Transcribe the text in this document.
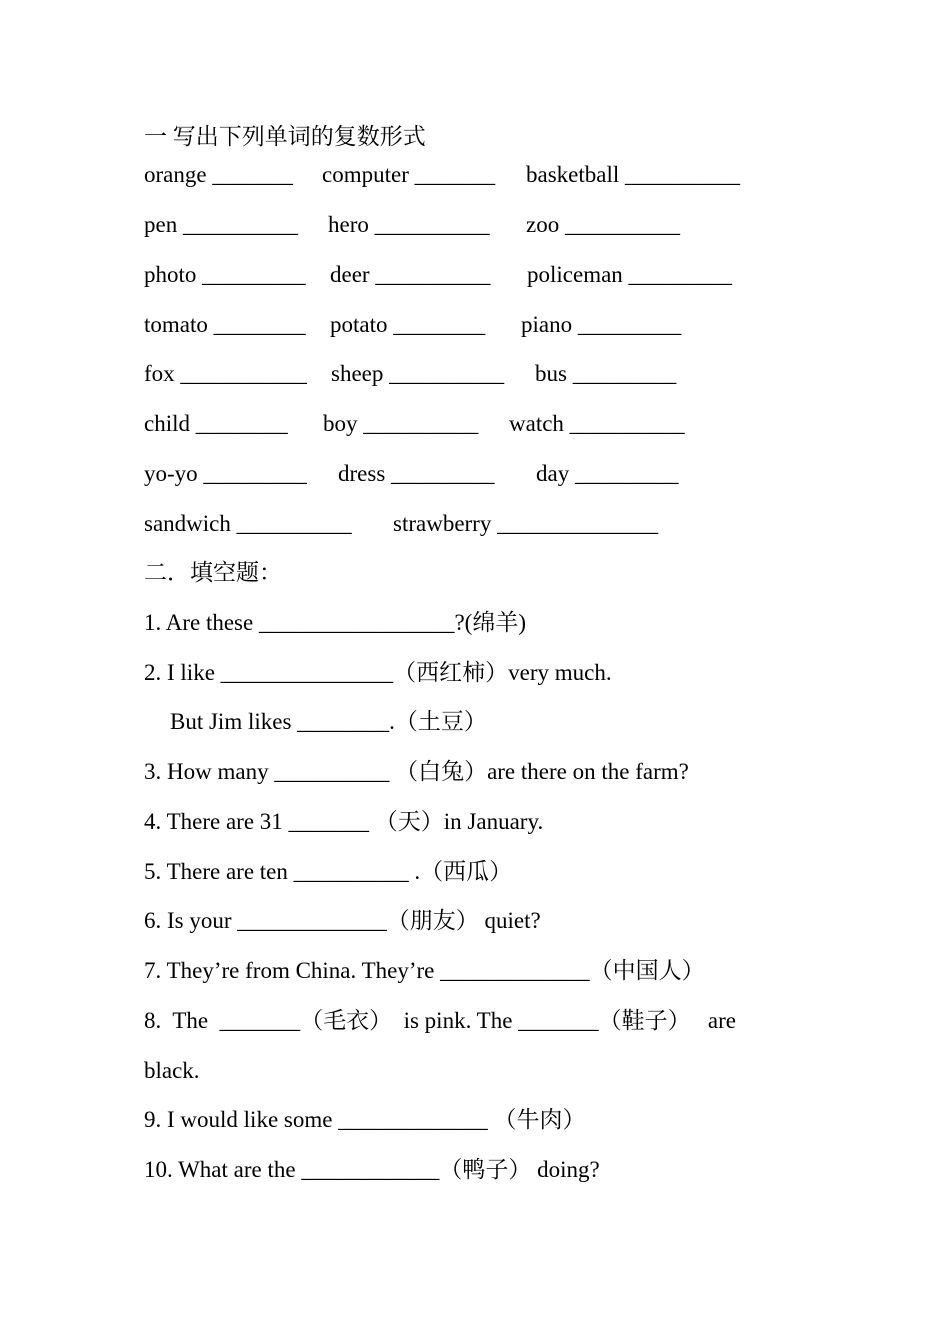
一 写出下列单词的复数形式

orange _______

computer _______

basketball __________

pen __________

hero __________

zoo __________

photo _________

deer __________

policeman _________

tomato ________

potato ________

piano _________

fox ___________

sheep __________

bus _________

child ________

boy __________

watch __________

yo-yo _________

dress _________

day _________

sandwich __________

strawberry ______________

二．填空题：
1. Are these _________________?(绵羊)
2. I like _______________（西红柿）very much.
But Jim likes ________.（土豆）
3. How many __________ （白兔）are there on the farm?
4. There are 31 _______ （天）in January.
5. There are ten __________ .（西瓜）
6. Is your _____________（朋友） quiet?
7. They’re from China. They’re _____________（中国人）
8.  The  _______（毛衣）  is pink. The _______（鞋子）   are
black.
9. I would like some _____________ （牛肉）
10. What are the ____________（鸭子） doing?
